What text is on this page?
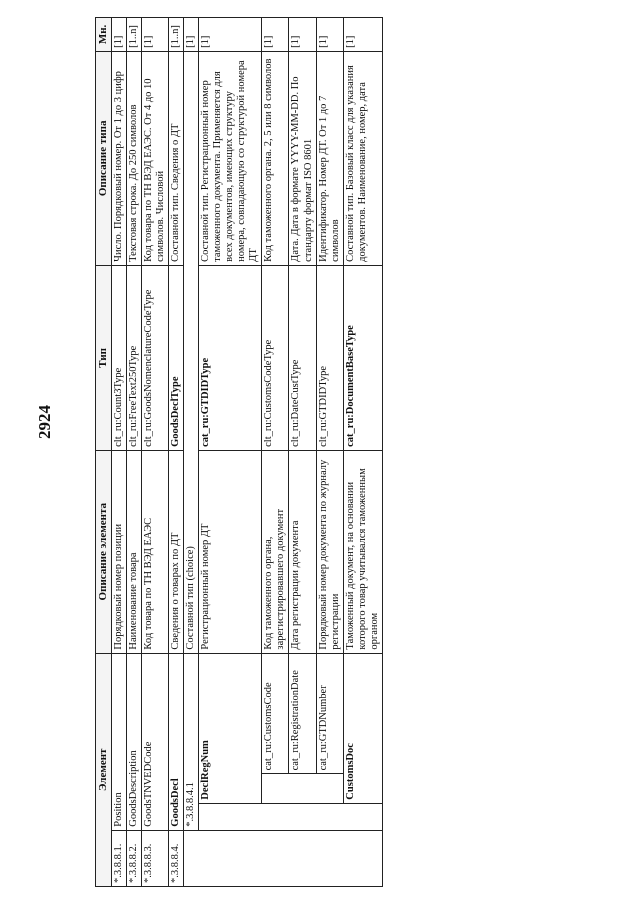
2924
Элемент				Описание элемента	Тип	Описание типа	Мн.
*.3.8.8.1.	Position			Порядковый номер позиции	clt_ru:Count3Type	Число. Порядковый номер. От 1 до 3 цифр	[1]
*.3.8.8.2.	GoodsDescription			Наименование товара	clt_ru:FreeText250Type	Текстовая строка. До 250 символов	[1..n]
*.3.8.8.3.	GoodsTNVEDCode			Код товара по ТН ВЭД ЕАЭС	clt_ru:GoodsNomenclatureCodeType	Код товара по ТН ВЭД ЕАЭС. От 4 до 10 символов. Числовой	[1]
*.3.8.8.4.	GoodsDecl			Сведения о товарах по ДТ	GoodsDeclType	Составной тип. Сведения о ДТ	[1..n]
	*.3.8.8.4.1			Составной тип (choice)			[1]
		DeclRegNum		Регистрационный номер ДТ	cat_ru:GTDIDType	Составной тип. Регистрационный номер таможенного документа. Применяется для всех документов, имеющих структуру номера, совпадающую со структурой номера ДТ	[1]
			cat_ru:CustomsCode	Код таможенного органа, зарегистрировавшего документ	clt_ru:CustomsCodeType	Код таможенного органа. 2, 5 или 8 символов	[1]
			cat_ru:RegistrationDate	Дата регистрации документа	clt_ru:DateCustType	Дата. Дата в формате YYYY-MM-DD. По стандарту формат ISO 8601	[1]
			cat_ru:GTDNumber	Порядковый номер документа по журналу регистрации	clt_ru:GTDIDType	Идентификатор. Номер ДТ. От 1 до 7 символов	[1]
		CustomsDoc		Таможенный документ, на основании которого товар учитывался таможенным органом	cat_ru:DocumentBaseType	Составной тип. Базовый класс для указания документов. Наименование, номер, дата	[1]
